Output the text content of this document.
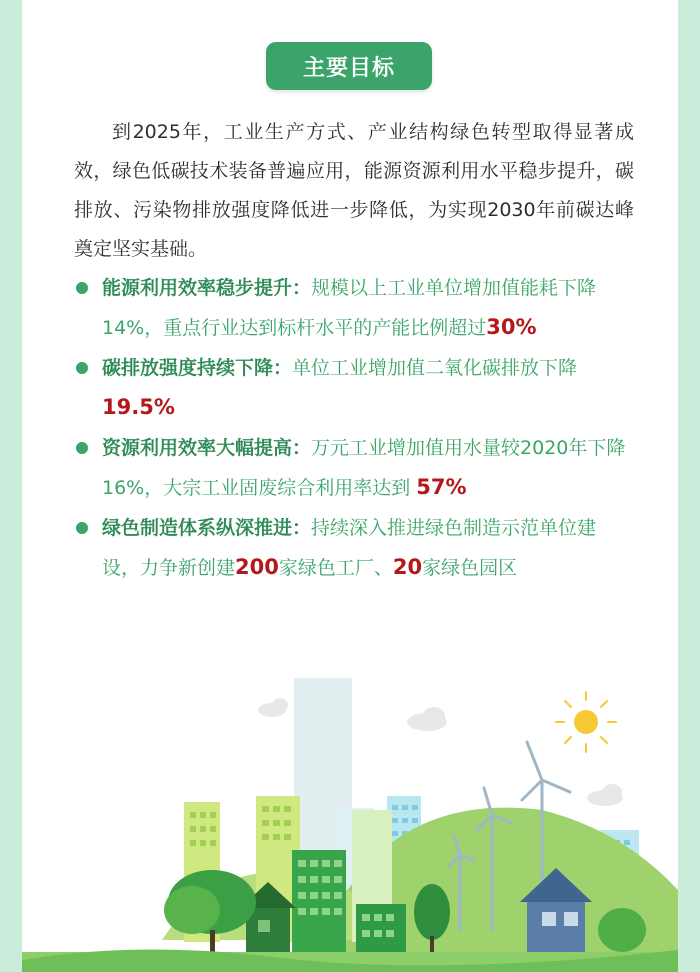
主要目标
到2025年，工业生产方式、产业结构绿色转型取得显著成效，绿色低碳技术装备普遍应用，能源资源利用水平稳步提升，碳排放、污染物排放强度降低进一步降低，为实现2030年前碳达峰奠定坚实基础。
能源利用效率稳步提升：规模以上工业单位增加值能耗下降14%，重点行业达到标杆水平的产能比例超过30%
碳排放强度持续下降：单位工业增加值二氧化碳排放下降
19.5%
资源利用效率大幅提高：万元工业增加值用水量较2020年下降16%，大宗工业固废综合利用率达到 57%
绿色制造体系纵深推进：持续深入推进绿色制造示范单位建设，力争新创建200家绿色工厂、20家绿色园区
